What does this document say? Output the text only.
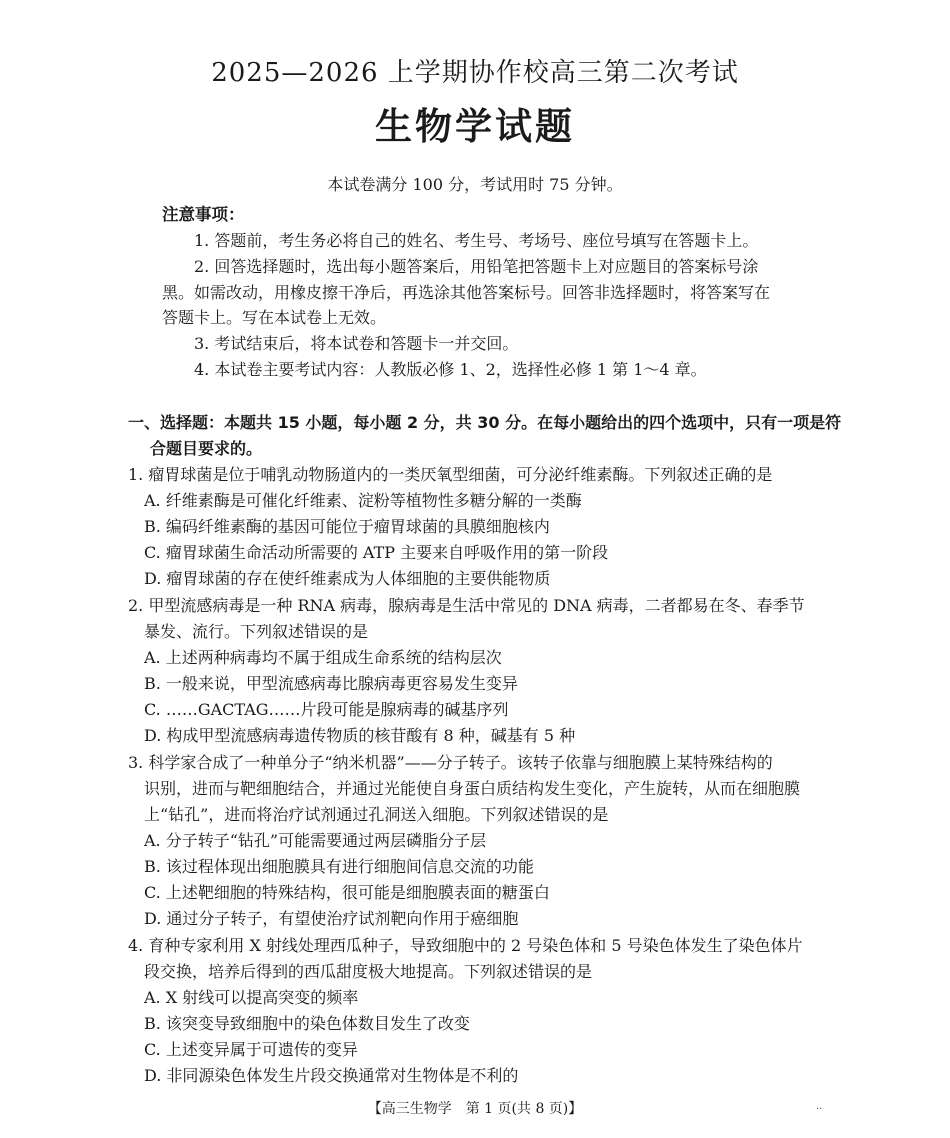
2025—2026 上学期协作校高三第二次考试
生物学试题
本试卷满分 100 分，考试用时 75 分钟。
注意事项：
1. 答题前，考生务必将自己的姓名、考生号、考场号、座位号填写在答题卡上。
2. 回答选择题时，选出每小题答案后，用铅笔把答题卡上对应题目的答案标号涂
黑。如需改动，用橡皮擦干净后，再选涂其他答案标号。回答非选择题时，将答案写在
答题卡上。写在本试卷上无效。
3. 考试结束后，将本试卷和答题卡一并交回。
4. 本试卷主要考试内容：人教版必修 1、2，选择性必修 1 第 1～4 章。
一、选择题：本题共 15 小题，每小题 2 分，共 30 分。在每小题给出的四个选项中，只有一项是符
合题目要求的。
1. 瘤胃球菌是位于哺乳动物肠道内的一类厌氧型细菌，可分泌纤维素酶。下列叙述正确的是
A. 纤维素酶是可催化纤维素、淀粉等植物性多糖分解的一类酶
B. 编码纤维素酶的基因可能位于瘤胃球菌的具膜细胞核内
C. 瘤胃球菌生命活动所需要的 ATP 主要来自呼吸作用的第一阶段
D. 瘤胃球菌的存在使纤维素成为人体细胞的主要供能物质
2. 甲型流感病毒是一种 RNA 病毒，腺病毒是生活中常见的 DNA 病毒，二者都易在冬、春季节
暴发、流行。下列叙述错误的是
A. 上述两种病毒均不属于组成生命系统的结构层次
B. 一般来说，甲型流感病毒比腺病毒更容易发生变异
C. ……GACTAG……片段可能是腺病毒的碱基序列
D. 构成甲型流感病毒遗传物质的核苷酸有 8 种，碱基有 5 种
3. 科学家合成了一种单分子“纳米机器”——分子转子。该转子依靠与细胞膜上某特殊结构的
识别，进而与靶细胞结合，并通过光能使自身蛋白质结构发生变化，产生旋转，从而在细胞膜
上“钻孔”，进而将治疗试剂通过孔洞送入细胞。下列叙述错误的是
A. 分子转子“钻孔”可能需要通过两层磷脂分子层
B. 该过程体现出细胞膜具有进行细胞间信息交流的功能
C. 上述靶细胞的特殊结构，很可能是细胞膜表面的糖蛋白
D. 通过分子转子，有望使治疗试剂靶向作用于癌细胞
4. 育种专家利用 X 射线处理西瓜种子，导致细胞中的 2 号染色体和 5 号染色体发生了染色体片
段交换，培养后得到的西瓜甜度极大地提高。下列叙述错误的是
A. X 射线可以提高突变的频率
B. 该突变导致细胞中的染色体数目发生了改变
C. 上述变异属于可遗传的变异
D. 非同源染色体发生片段交换通常对生物体是不利的
【高三生物学　第 1 页(共 8 页)】	··
